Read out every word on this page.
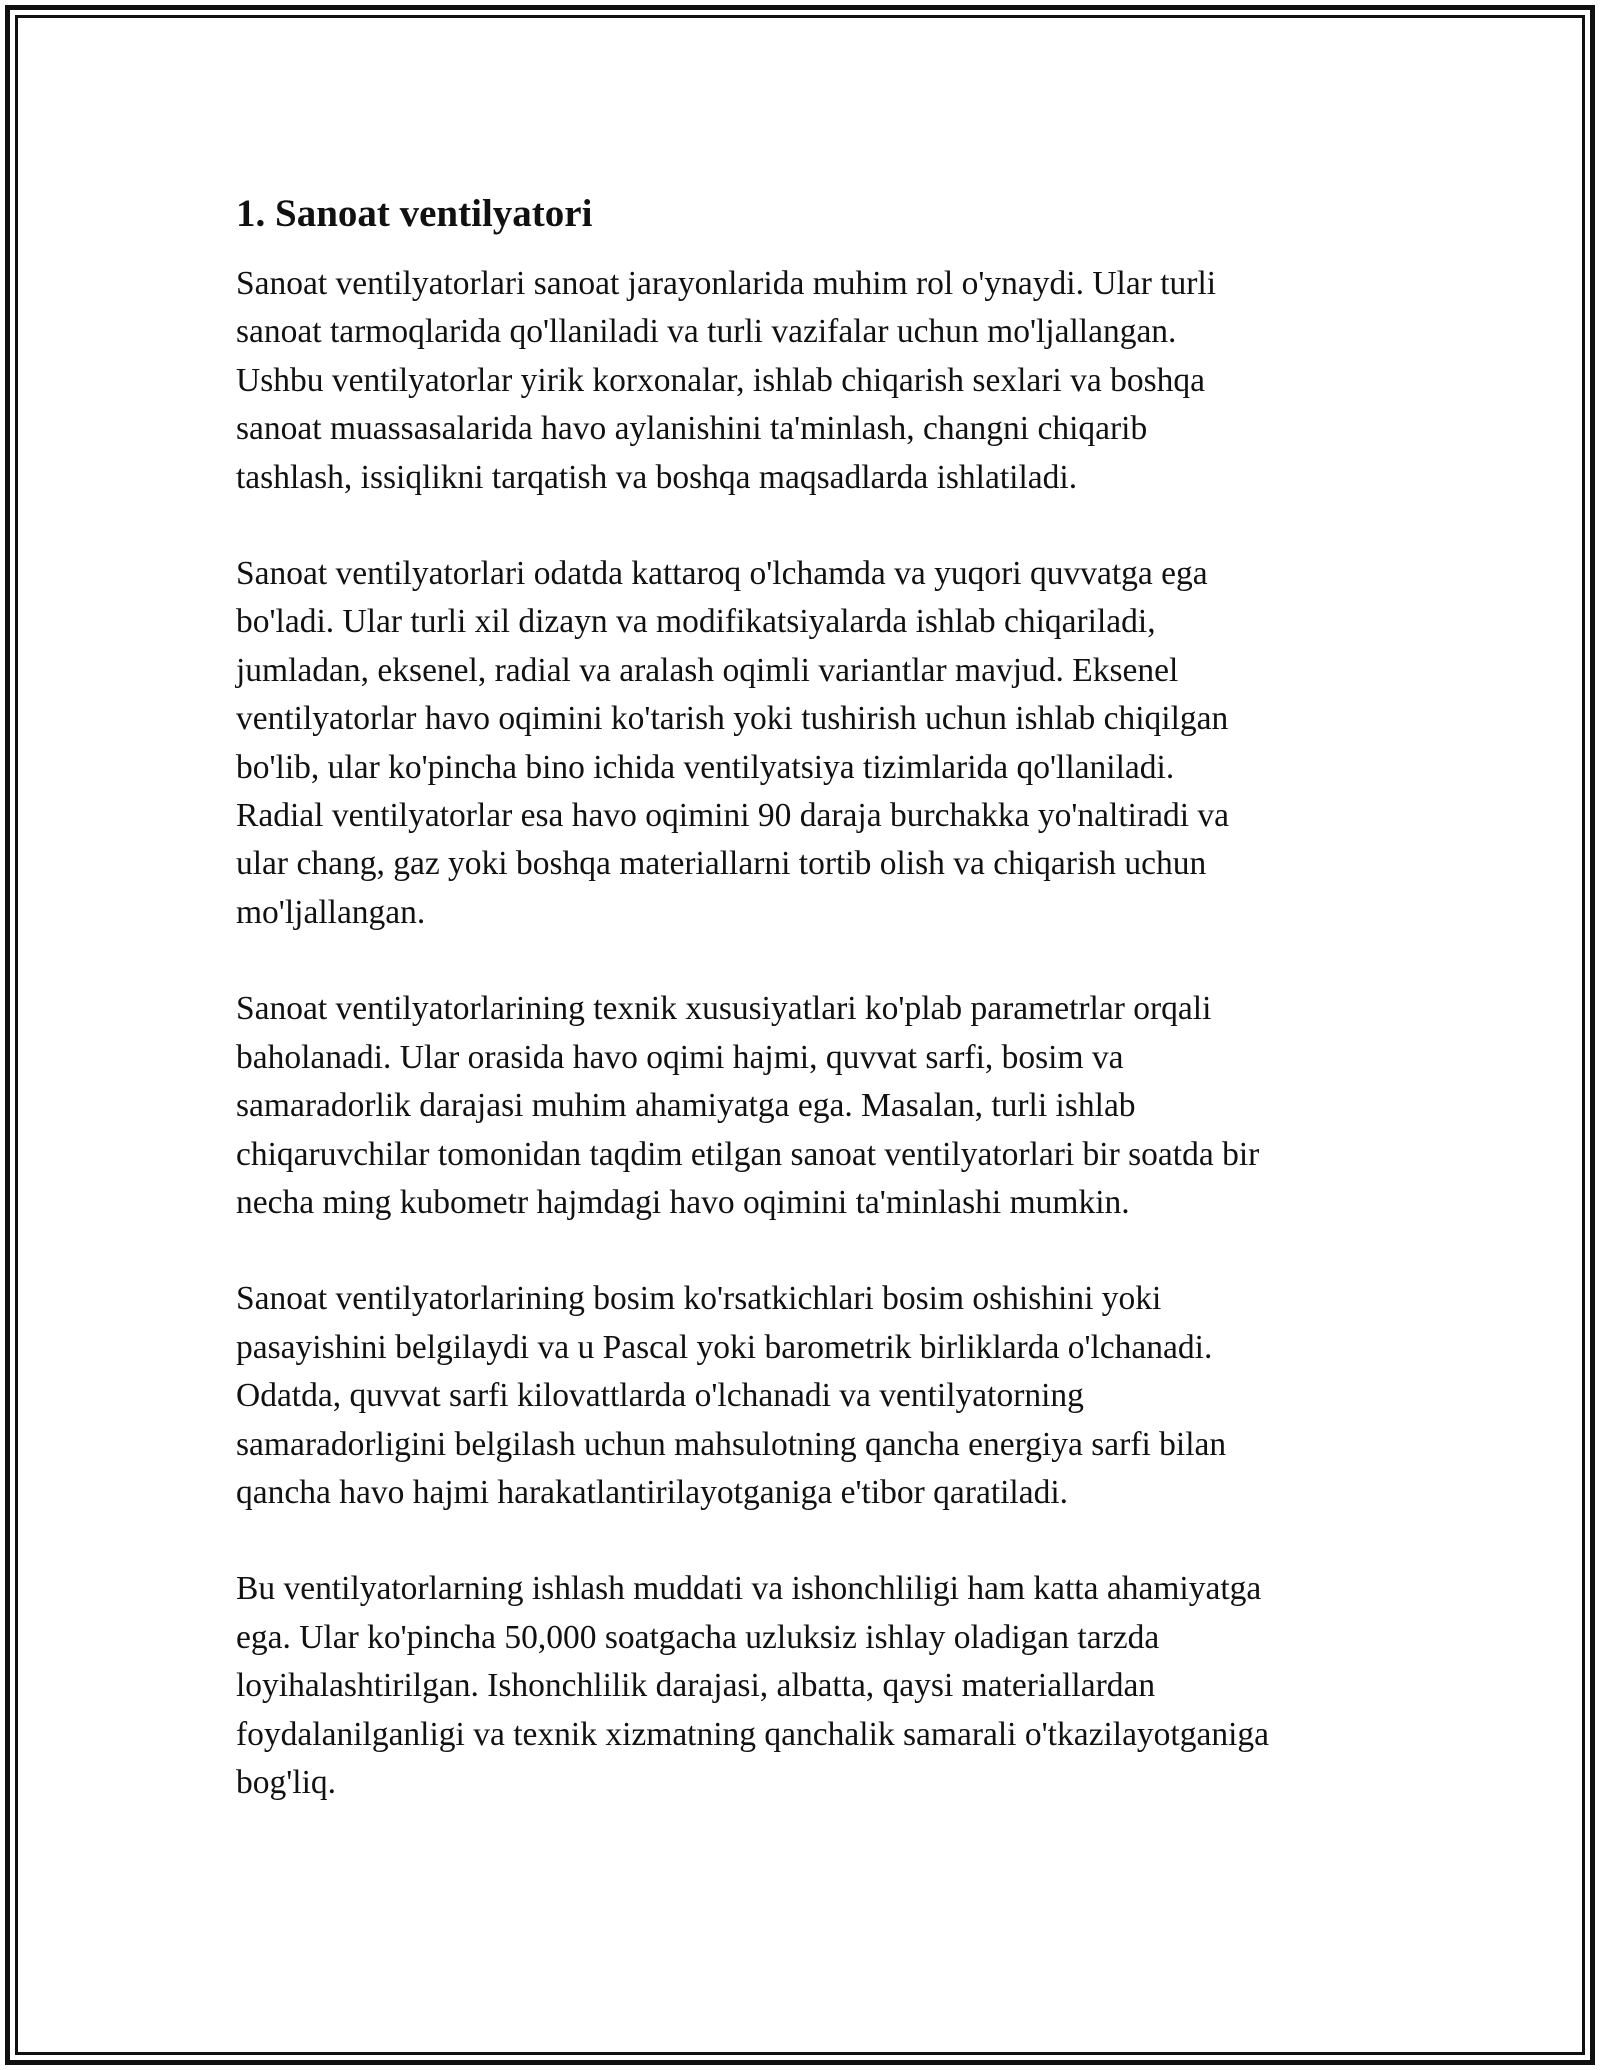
1. Sanoat ventilyatori

Sanoat ventilyatorlari sanoat jarayonlarida muhim rol o'ynaydi. Ular turli
sanoat tarmoqlarida qo'llaniladi va turli vazifalar uchun mo'ljallangan.
Ushbu ventilyatorlar yirik korxonalar, ishlab chiqarish sexlari va boshqa
sanoat muassasalarida havo aylanishini ta'minlash, changni chiqarib
tashlash, issiqlikni tarqatish va boshqa maqsadlarda ishlatiladi.

Sanoat ventilyatorlari odatda kattaroq o'lchamda va yuqori quvvatga ega
bo'ladi. Ular turli xil dizayn va modifikatsiyalarda ishlab chiqariladi,
jumladan, eksenel, radial va aralash oqimli variantlar mavjud. Eksenel
ventilyatorlar havo oqimini ko'tarish yoki tushirish uchun ishlab chiqilgan
bo'lib, ular ko'pincha bino ichida ventilyatsiya tizimlarida qo'llaniladi.
Radial ventilyatorlar esa havo oqimini 90 daraja burchakka yo'naltiradi va
ular chang, gaz yoki boshqa materiallarni tortib olish va chiqarish uchun
mo'ljallangan.

Sanoat ventilyatorlarining texnik xususiyatlari ko'plab parametrlar orqali
baholanadi. Ular orasida havo oqimi hajmi, quvvat sarfi, bosim va
samaradorlik darajasi muhim ahamiyatga ega. Masalan, turli ishlab
chiqaruvchilar tomonidan taqdim etilgan sanoat ventilyatorlari bir soatda bir
necha ming kubometr hajmdagi havo oqimini ta'minlashi mumkin.

Sanoat ventilyatorlarining bosim ko'rsatkichlari bosim oshishini yoki
pasayishini belgilaydi va u Pascal yoki barometrik birliklarda o'lchanadi.
Odatda, quvvat sarfi kilovattlarda o'lchanadi va ventilyatorning
samaradorligini belgilash uchun mahsulotning qancha energiya sarfi bilan
qancha havo hajmi harakatlantirilayotganiga e'tibor qaratiladi.

Bu ventilyatorlarning ishlash muddati va ishonchliligi ham katta ahamiyatga
ega. Ular ko'pincha 50,000 soatgacha uzluksiz ishlay oladigan tarzda
loyihalashtirilgan. Ishonchlilik darajasi, albatta, qaysi materiallardan
foydalanilganligi va texnik xizmatning qanchalik samarali o'tkazilayotganiga
bog'liq.
